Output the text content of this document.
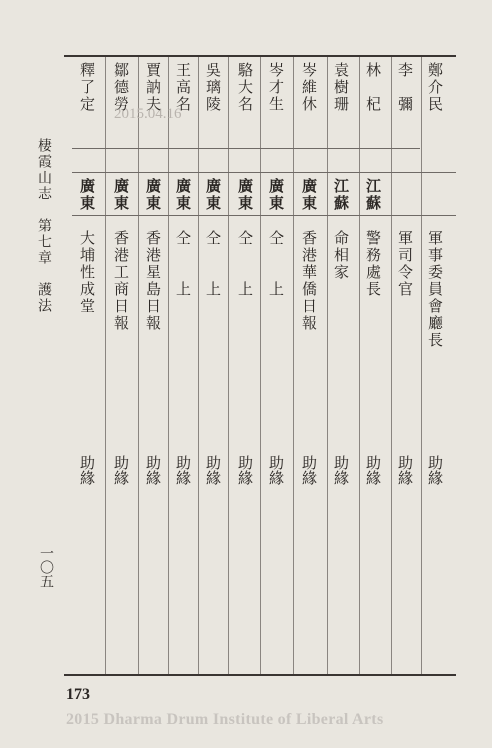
棲霞山志　第七章　護法
一〇五
2015.04.16
鄭介民
軍事委員會廳長
助緣
李　彌
軍司令官
助緣
林　杞
江蘇
警務處長
助緣
袁樹珊
江蘇
命相家
助緣
岑維休
廣東
香港華僑日報
助緣
岑才生
廣東
仝　　上
助緣
駱大名
廣東
仝　　上
助緣
吳璃陵
廣東
仝　　上
助緣
王高名
廣東
仝　　上
助緣
賈訥夫
廣東
香港星島日報
助緣
鄒德勞
廣東
香港工商日報
助緣
釋了定
廣東
大埔性成堂
助緣
173
2015 Dharma Drum Institute of Liberal Arts
